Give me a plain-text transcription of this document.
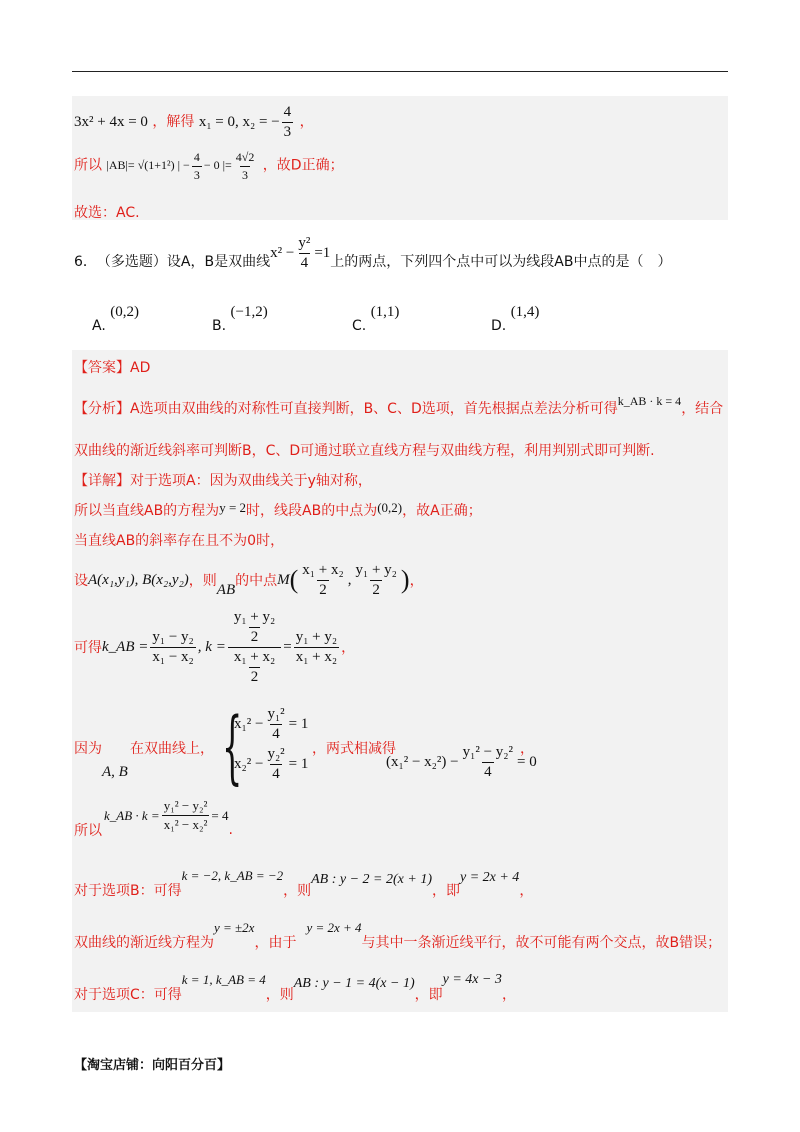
3x² + 4x = 0 ，解得 x₁ = 0, x₂ = − $\frac{4}{3}$ ，
所以 |AB|= √(1+1²) | − $\frac{4}{3} - 0$ |= $\frac{4√2}{3}$ ，故D正确；
故选：AC.
6． （多选题） 设A，B是双曲线
$x^2 - \frac{\text{y²}}{4} =1$
上的两点，下列四个点中可以为线段AB中点的是（　）
A. (0,2)
B. (−1,2)
C. (1,1)
D. (1,4)
【答案】AD
【分析】A选项由双曲线的对称性可直接判断，B、C、D选项，首先根据点差法分析可得k_AB · k = 4，结合
双曲线的渐近线斜率可判断B，C、D可通过联立直线方程与双曲线方程，利用判别式即可判断.
【详解】对于选项A：因为双曲线关于y轴对称，
所以当直线AB的方程为y = 2时，线段AB的中点为(0,2)，故A正确；
当直线AB的斜率存在且不为0时，
设 A(x₁,y₁), B(x₂,y₂) ，则
AB
的中点 M ( $\frac{\text{x₁ + x₂}}{2}$ , $\frac{\text{y₁ + y₂}}{2}$ ) ，
可得 k_AB = $\frac{\text{y₁ − y₂}}{\text{x₁ − x₂}}$ , $k = \frac{\frac{\text{y₁ + y₂}}{2}}{\frac{\text{x₁ + x₂}}{2}} = \frac{\text{y₁ + y₂}}{\text{x₁ + x₂}}$ ，
因为 在双曲线上，
A, B {
$x_1^2 - \frac{\text{y₁²}}{4} = 1$
$x_2^2 - \frac{\text{y₂²}}{4} = 1$
，两式相减得
$(x_1^2 - x_2^2) - \frac{\text{y₁² − y₂²}}{4} = 0$
，
所以
k_AB · $k = \frac{\text{y₁² − y₂²}}{\text{x₁² − x₂²}} = 4$
.
对于选项B：可得
k = −2, k_AB = −2
，则
AB : y − 2 = 2(x + 1)
，即
y = 2x + 4
，
双曲线的渐近线方程为
y = ±2x
，由于
y = 2x + 4
与其中一条渐近线平行，故不可能有两个交点，故B错误；
对于选项C：可得
k = 1, k_AB = 4
，则
AB : y − 1 = 4(x − 1)
，即
y = 4x − 3
，
【淘宝店铺：向阳百分百】
